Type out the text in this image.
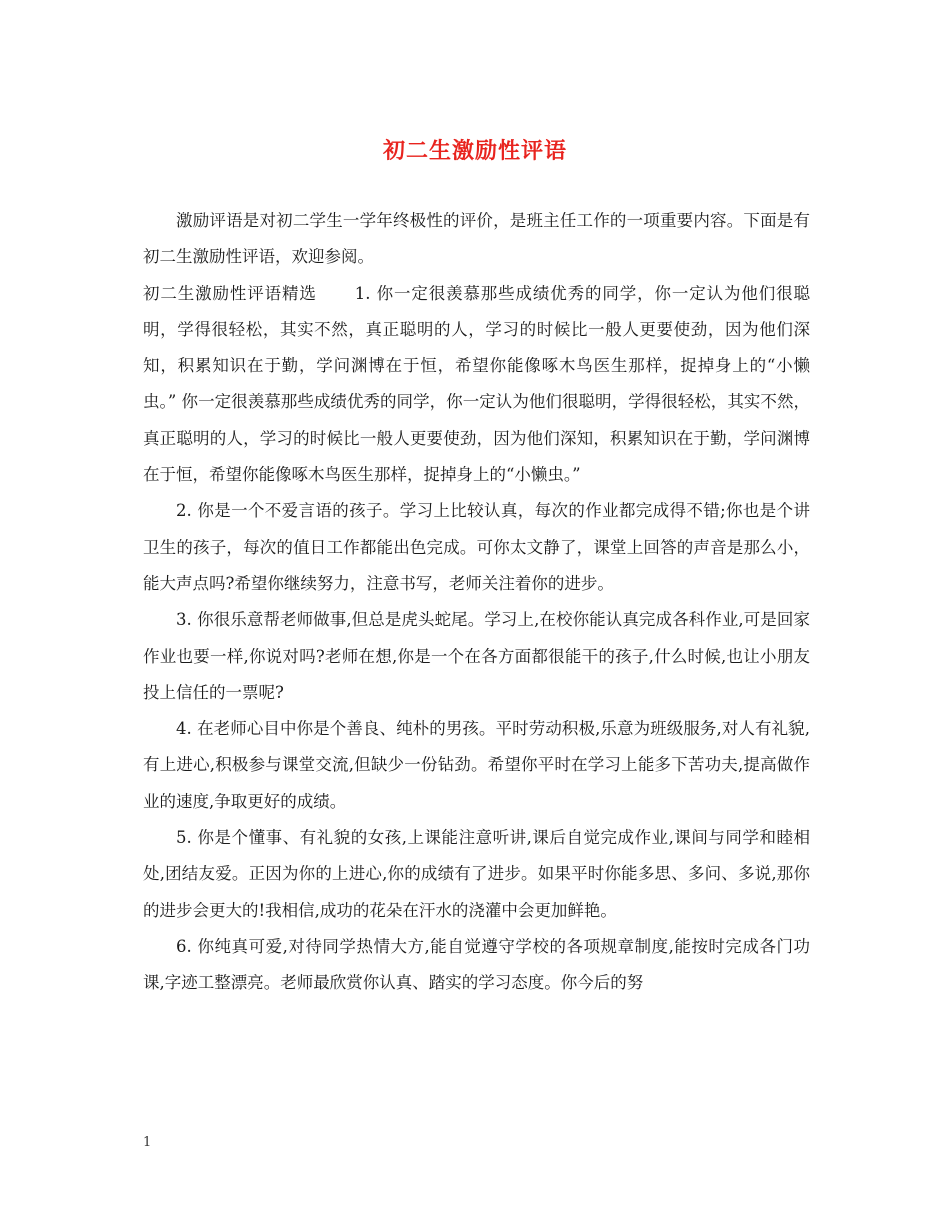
初二生激励性评语

激励评语是对初二学生一学年终极性的评价，是班主任工作的一项重要内容。下面是有初二生激励性评语，欢迎参阅。

初二生激励性评语精选 1. 你一定很羡慕那些成绩优秀的同学，你一定认为他们很聪明，学得很轻松，其实不然，真正聪明的人，学习的时候比一般人更要使劲，因为他们深知，积累知识在于勤，学问渊博在于恒，希望你能像啄木鸟医生那样，捉掉身上的“小懒虫。” 你一定很羡慕那些成绩优秀的同学，你一定认为他们很聪明，学得很轻松，其实不然，真正聪明的人，学习的时候比一般人更要使劲，因为他们深知，积累知识在于勤，学问渊博在于恒，希望你能像啄木鸟医生那样，捉掉身上的“小懒虫。”

2. 你是一个不爱言语的孩子。学习上比较认真，每次的作业都完成得不错;你也是个讲卫生的孩子，每次的值日工作都能出色完成。可你太文静了，课堂上回答的声音是那么小，能大声点吗?希望你继续努力，注意书写，老师关注着你的进步。

3. 你很乐意帮老师做事,但总是虎头蛇尾。学习上,在校你能认真完成各科作业,可是回家作业也要一样,你说对吗?老师在想,你是一个在各方面都很能干的孩子,什么时候,也让小朋友投上信任的一票呢?

4. 在老师心目中你是个善良、纯朴的男孩。平时劳动积极,乐意为班级服务,对人有礼貌,有上进心,积极参与课堂交流,但缺少一份钻劲。希望你平时在学习上能多下苦功夫,提高做作业的速度,争取更好的成绩。

5. 你是个懂事、有礼貌的女孩,上课能注意听讲,课后自觉完成作业,课间与同学和睦相处,团结友爱。正因为你的上进心,你的成绩有了进步。如果平时你能多思、多问、多说,那你的进步会更大的!我相信,成功的花朵在汗水的浇灌中会更加鲜艳。

6. 你纯真可爱,对待同学热情大方,能自觉遵守学校的各项规章制度,能按时完成各门功课,字迹工整漂亮。老师最欣赏你认真、踏实的学习态度。你今后的努

1
